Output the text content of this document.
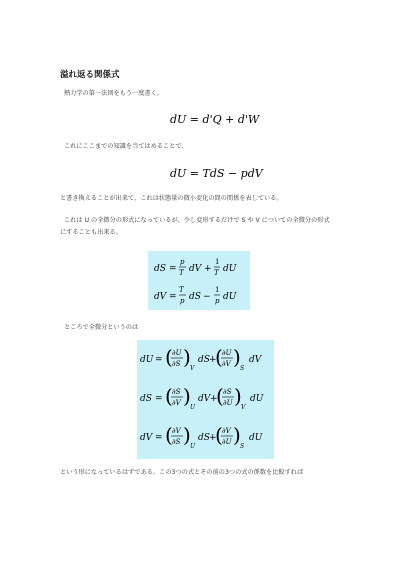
溢れ返る関係式
熱力学の第一法則をもう一度書く。
dU = d'Q + d'W
これにここまでの知識を当てはめることで、
dU = TdS − pdV
と書き換えることが出来て、これは状態量の微小変化の間の関係を表している。
これは U の全微分の形式になっているが、少し変形するだけで S や V についての全微分の形式
にすることも出来る。
dS =
p
T dV +
1
T dU
dV =
T
p dS −
1
p dU
ところで全微分というのは
dU = ( ∂U
∂S ) V
dS +
( ∂U
∂V ) S
dV
dS = ( ∂S
∂V ) U
dV +
( ∂S
∂U ) V
dU
dV = ( ∂V
∂S ) U
dS +
( ∂V
∂U ) S
dU
という形になっているはずである。この3つの式とその前の3つの式の係数を比較すれば
